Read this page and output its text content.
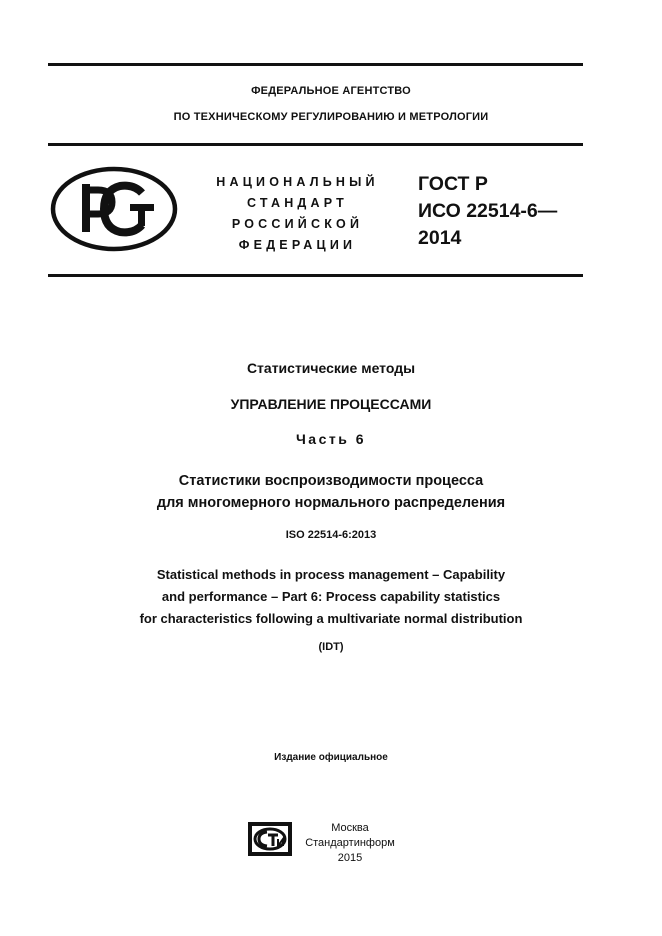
ФЕДЕРАЛЬНОЕ АГЕНТСТВО
ПО ТЕХНИЧЕСКОМУ РЕГУЛИРОВАНИЮ И МЕТРОЛОГИИ
НАЦИОНАЛЬНЫЙ
СТАНДАРТ
РОССИЙСКОЙ
ФЕДЕРАЦИИ
ГОСТ Р
ИСО 22514-6—
2014
Статистические методы
УПРАВЛЕНИЕ ПРОЦЕССАМИ
Часть 6
Статистики воспроизводимости процесса
для многомерного нормального распределения
ISO 22514-6:2013
Statistical methods in process management – Capability
and performance – Part 6: Process capability statistics
for characteristics following a multivariate normal distribution
(IDT)
Издание официальное
Москва
Стандартинформ
2015
